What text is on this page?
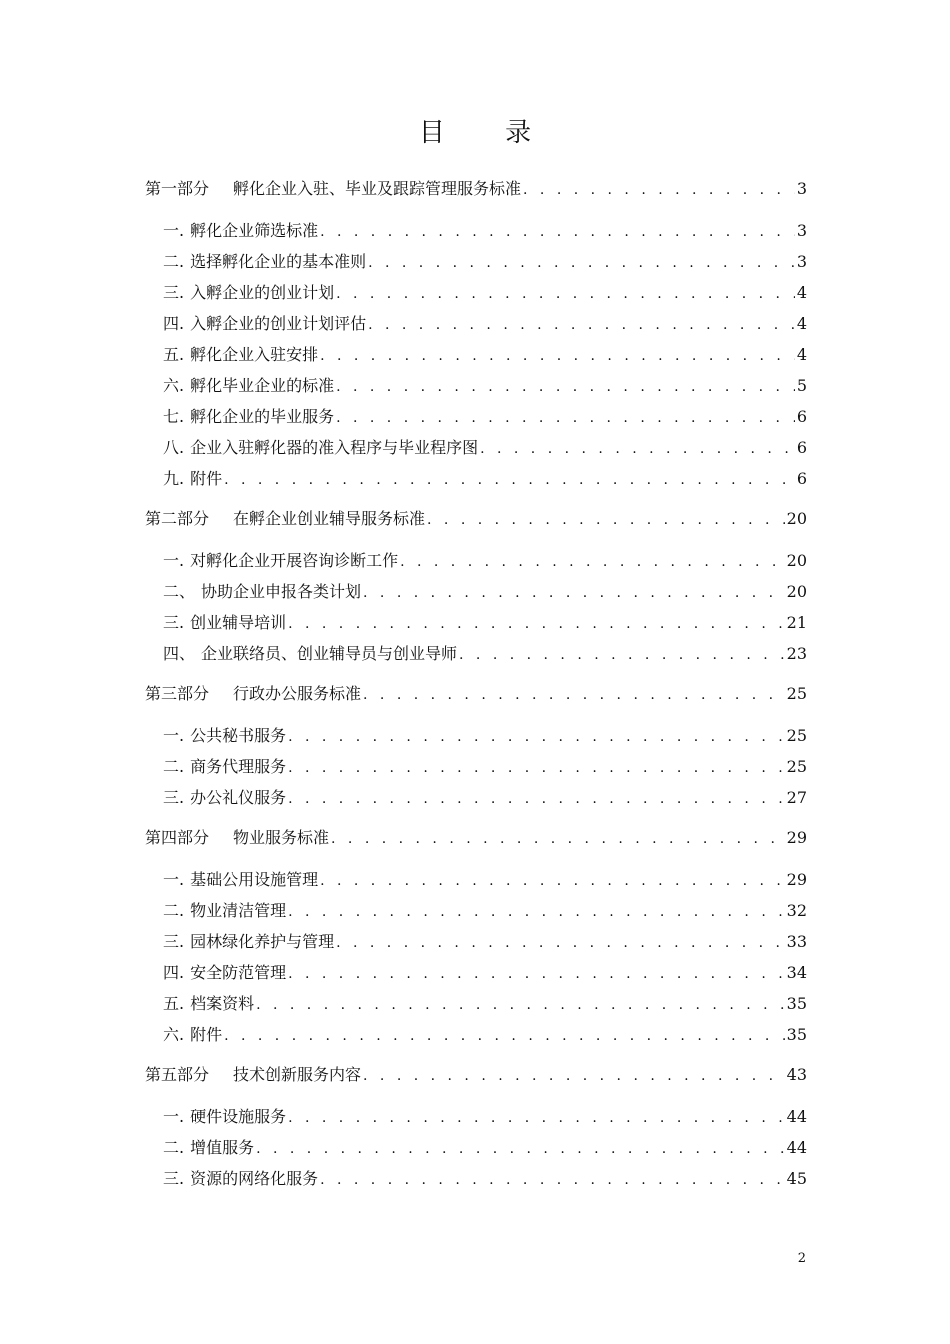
目 录
第一部分 孵化企业入驻、毕业及跟踪管理服务标准 . . .	3
一. 孵化企业筛选标准 . . .	3
二. 选择孵化企业的基本准则 . . .	3
三. 入孵企业的创业计划 . . .	4
四. 入孵企业的创业计划评估 . . .	4
五. 孵化企业入驻安排 . . .	4
六. 孵化毕业企业的标准 . . .	5
七. 孵化企业的毕业服务 . . .	6
八. 企业入驻孵化器的准入程序与毕业程序图 . . .	6
九. 附件 . . .	6
第二部分 在孵企业创业辅导服务标准 . . .	20
一. 对孵化企业开展咨询诊断工作 . . .	20
二、 协助企业申报各类计划 . . .	20
三. 创业辅导培训 . . .	21
四、 企业联络员、创业辅导员与创业导师 . . .	23
第三部分 行政办公服务标准 . . .	25
一. 公共秘书服务 . . .	25
二. 商务代理服务 . . .	25
三. 办公礼仪服务 . . .	27
第四部分 物业服务标准 . . .	29
一. 基础公用设施管理 . . .	29
二. 物业清洁管理 . . .	32
三. 园林绿化养护与管理 . . .	33
四. 安全防范管理 . . .	34
五. 档案资料 . . .	35
六. 附件 . . .	35
第五部分 技术创新服务内容 . . .	43
一. 硬件设施服务 . . .	44
二. 增值服务 . . .	44
三. 资源的网络化服务 . . .	45
2
